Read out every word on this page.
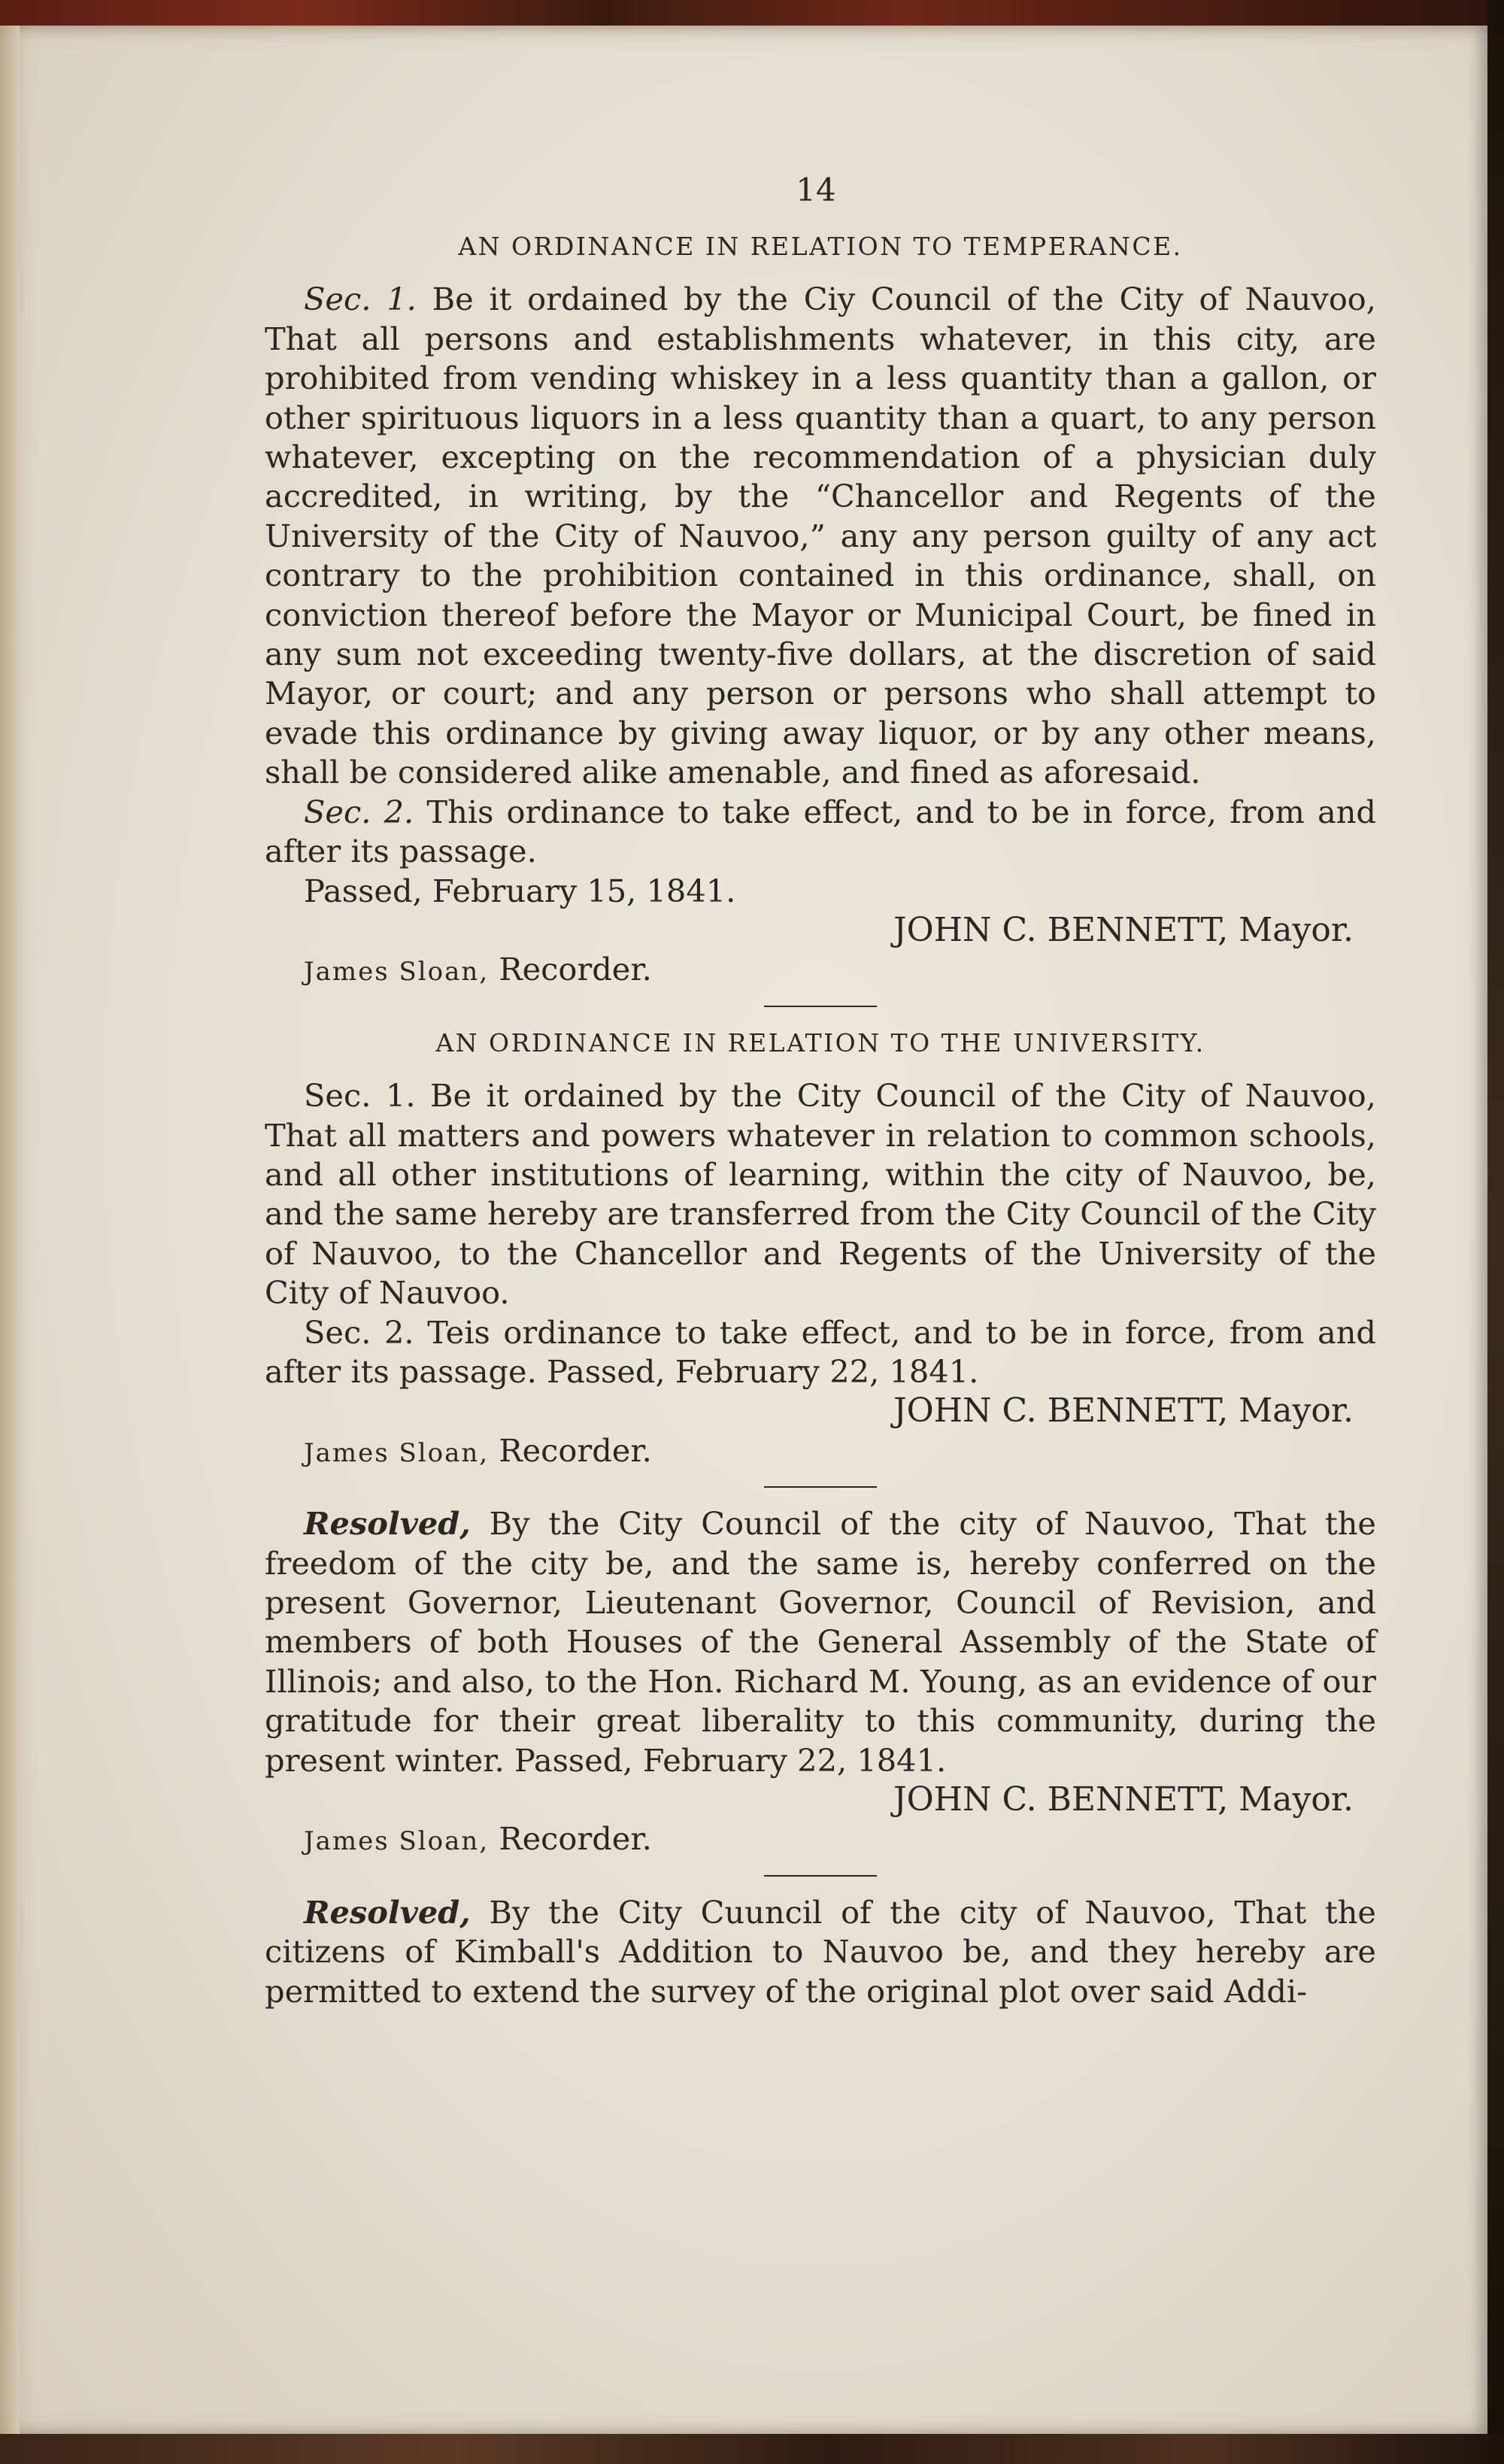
14

AN ORDINANCE IN RELATION TO TEMPERANCE.

Sec. 1. Be it ordained by the Ciy Council of the City of Nauvoo, That all persons and establishments whatever, in this city, are prohibited from vending whiskey in a less quantity than a gallon, or other spirituous liquors in a less quantity than a quart, to any person whatever, excepting on the recommendation of a physician duly accredited, in writing, by the “Chancellor and Regents of the University of the City of Nauvoo,” any any person guilty of any act contrary to the prohibition contained in this ordinance, shall, on conviction thereof before the Mayor or Municipal Court, be fined in any sum not exceeding twenty-five dollars, at the discretion of said Mayor, or court; and any person or persons who shall attempt to evade this ordinance by giving away liquor, or by any other means, shall be considered alike amenable, and fined as aforesaid.

Sec. 2. This ordinance to take effect, and to be in force, from and after its passage.

Passed, February 15, 1841.

JOHN C. BENNETT, Mayor.

James Sloan, Recorder.

AN ORDINANCE IN RELATION TO THE UNIVERSITY.

Sec. 1. Be it ordained by the City Council of the City of Nauvoo, That all matters and powers whatever in relation to common schools, and all other institutions of learning, within the city of Nauvoo, be, and the same hereby are transferred from the City Council of the City of Nauvoo, to the Chancellor and Regents of the University of the City of Nauvoo.

Sec. 2. Teis ordinance to take effect, and to be in force, from and after its passage. Passed, February 22, 1841.

JOHN C. BENNETT, Mayor.

James Sloan, Recorder.

Resolved, By the City Council of the city of Nauvoo, That the freedom of the city be, and the same is, hereby conferred on the present Governor, Lieutenant Governor, Council of Revision, and members of both Houses of the General Assembly of the State of Illinois; and also, to the Hon. Richard M. Young, as an evidence of our gratitude for their great liberality to this community, during the present winter. Passed, February 22, 1841.

JOHN C. BENNETT, Mayor.

James Sloan, Recorder.

Resolved, By the City Cuuncil of the city of Nauvoo, That the citizens of Kimball's Addition to Nauvoo be, and they hereby are permitted to extend the survey of the original plot over said Addi-
